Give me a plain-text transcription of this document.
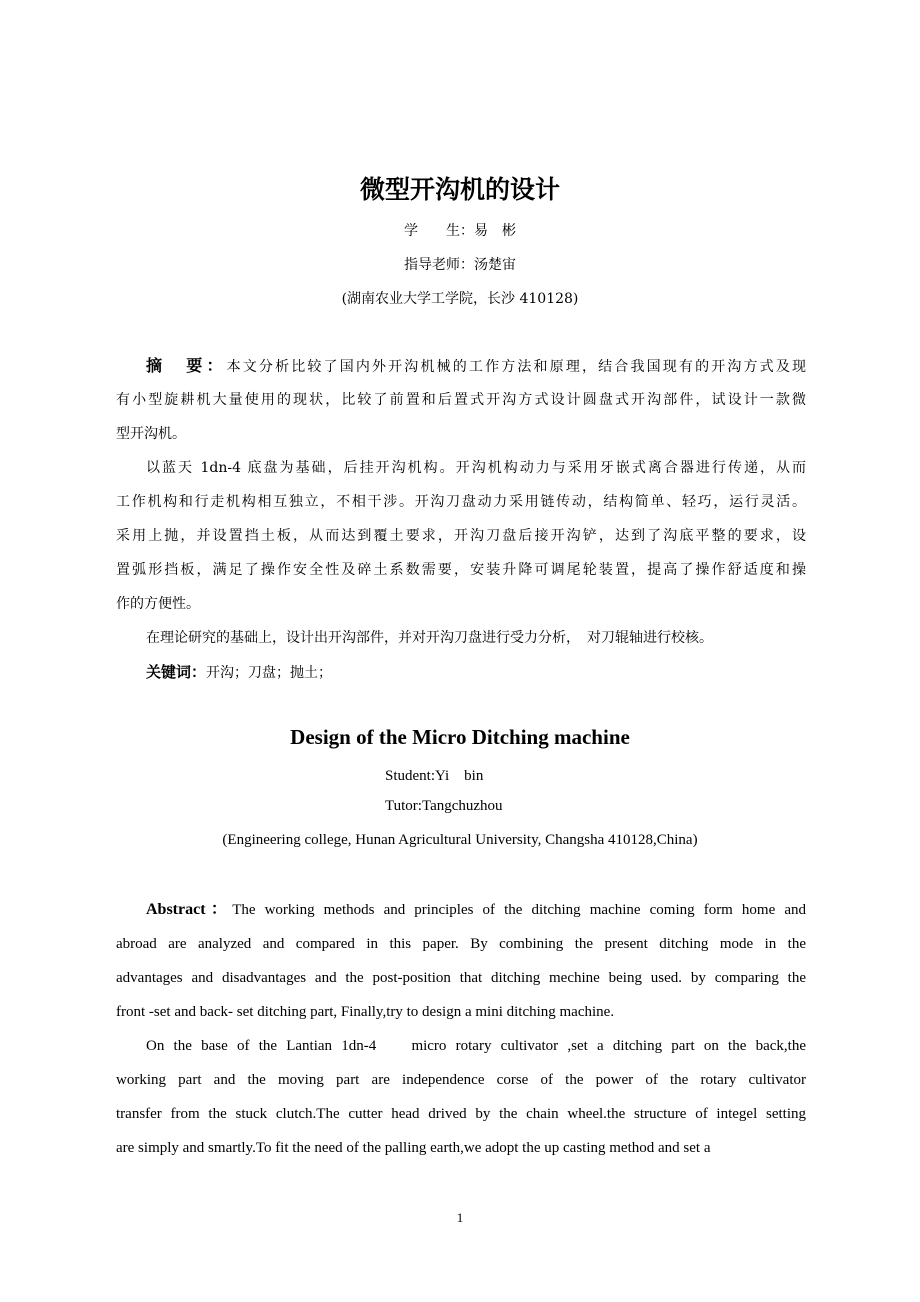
微型开沟机的设计
学　　生：易　彬
指导老师：汤楚宙
(湖南农业大学工学院，长沙 410128)
摘　要：本文分析比较了国内外开沟机械的工作方法和原理，结合我国现有的开沟方式及现
有小型旋耕机大量使用的现状，比较了前置和后置式开沟方式设计圆盘式开沟部件，试设计一款微
型开沟机。
以蓝天 1dn-4 底盘为基础，后挂开沟机构。开沟机构动力与采用牙嵌式离合器进行传递，从而
工作机构和行走机构相互独立，不相干涉。开沟刀盘动力采用链传动，结构简单、轻巧，运行灵活。
采用上抛，并设置挡土板，从而达到覆土要求，开沟刀盘后接开沟铲，达到了沟底平整的要求，设
置弧形挡板，满足了操作安全性及碎土系数需要，安装升降可调尾轮装置，提高了操作舒适度和操
作的方便性。
在理论研究的基础上，设计出开沟部件，并对开沟刀盘进行受力分析，　对刀辊轴进行校核。
关键词：开沟；刀盘；抛土；
Design of the Micro Ditching machine
Student:Yi　bin
Tutor:Tangchuzhou
(Engineering college, Hunan Agricultural University, Changsha 410128,China)
Abstract：The working methods and principles of the ditching machine coming form home and
abroad are analyzed and compared in this paper. By combining the present ditching mode in the
advantages and disadvantages and the post-position that ditching mechine being used. by comparing the
front -set and back- set ditching part, Finally,try to design a mini ditching machine.
On the base of the Lantian 1dn-4　 micro rotary cultivator ,set a ditching part on the back,the
working part and the moving part are independence corse of the power of the rotary cultivator
transfer from the stuck clutch.The cutter head drived by the chain wheel.the structure of integel setting
are simply and smartly.To fit the need of the palling earth,we adopt the up casting method and set a
1
